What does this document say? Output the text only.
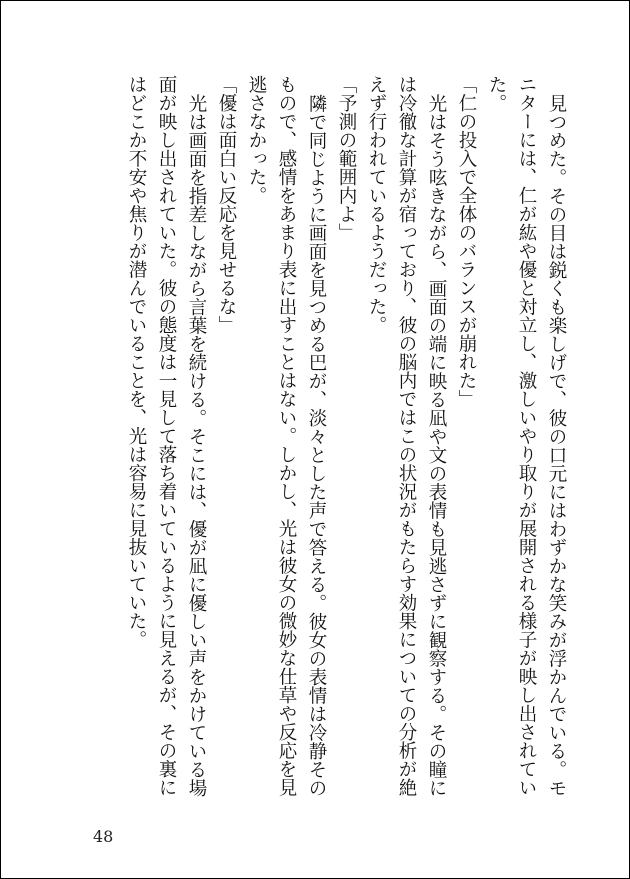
見つめた。その目は鋭くも楽しげで、彼の口元にはわずかな笑みが浮かんでいる。モニターには、仁が紘や優と対立し、激しいやり取りが展開される様子が映し出されていた。

「仁の投入で全体のバランスが崩れた」

光はそう呟きながら、画面の端に映る凪や文の表情も見逃さずに観察する。その瞳には冷徹な計算が宿っており、彼の脳内ではこの状況がもたらす効果についての分析が絶えず行われているようだった。

「予測の範囲内よ」

隣で同じように画面を見つめる巴が、淡々とした声で答える。彼女の表情は冷静そのもので、感情をあまり表に出すことはない。しかし、光は彼女の微妙な仕草や反応を見逃さなかった。

「優は面白い反応を見せるな」

光は画面を指差しながら言葉を続ける。そこには、優が凪に優しい声をかけている場面が映し出されていた。彼の態度は一見して落ち着いているように見えるが、その裏にはどこか不安や焦りが潜んでいることを、光は容易に見抜いていた。

48
